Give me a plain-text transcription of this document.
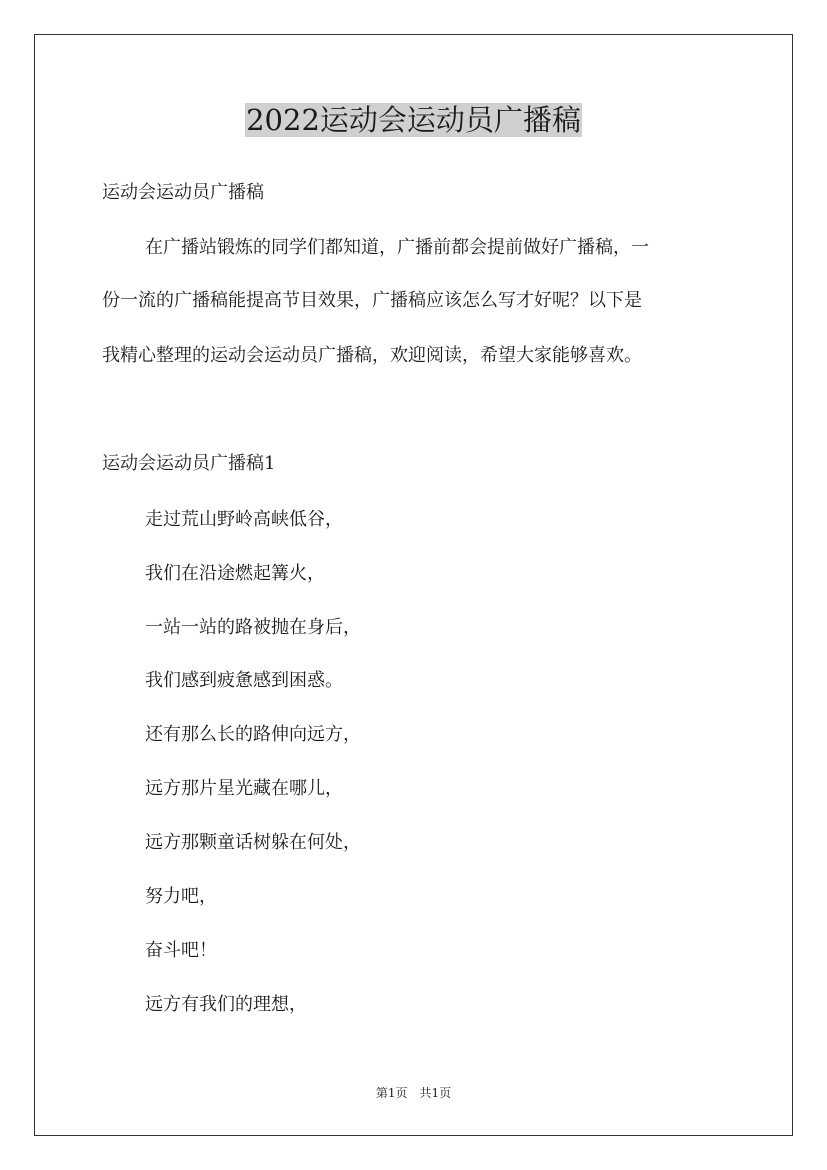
2022运动会运动员广播稿

运动会运动员广播稿

在广播站锻炼的同学们都知道，广播前都会提前做好广播稿，一

份一流的广播稿能提高节目效果，广播稿应该怎么写才好呢？以下是

我精心整理的运动会运动员广播稿，欢迎阅读，希望大家能够喜欢。

运动会运动员广播稿1

走过荒山野岭高峡低谷，

我们在沿途燃起篝火，

一站一站的路被抛在身后，

我们感到疲惫感到困惑。

还有那么长的路伸向远方，

远方那片星光藏在哪儿，

远方那颗童话树躲在何处，

努力吧，

奋斗吧！

远方有我们的理想，

第1页　共1页
